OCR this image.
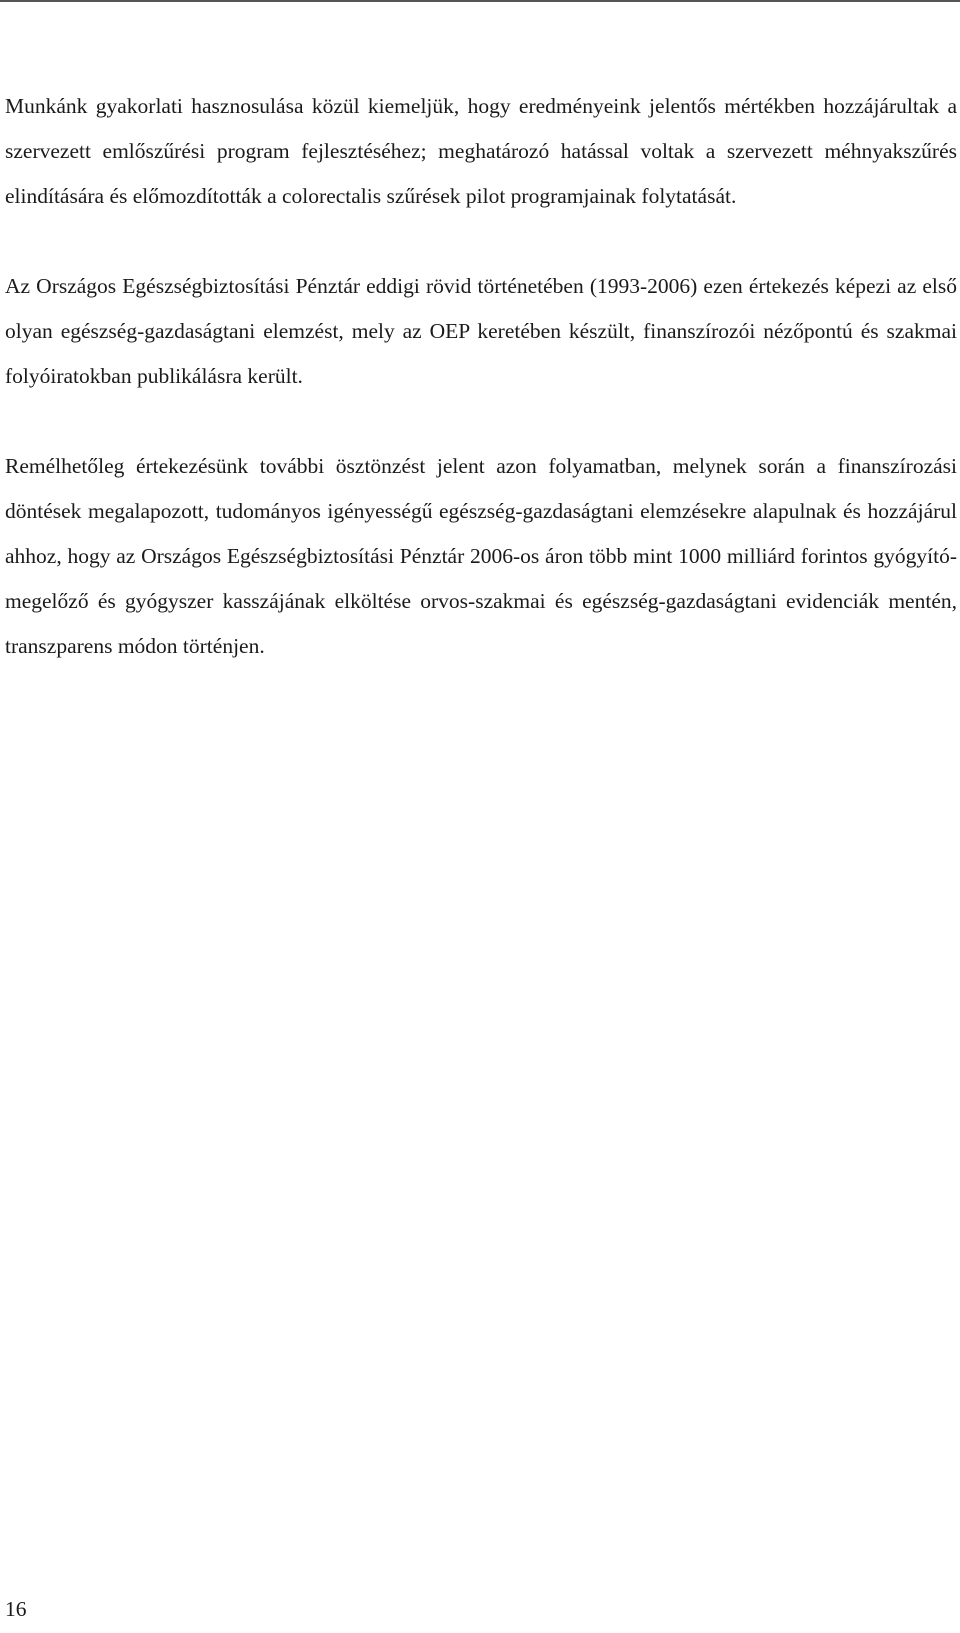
Munkánk gyakorlati hasznosulása közül kiemeljük, hogy eredményeink jelentős mértékben hozzájárultak a szervezett emlőszűrési program fejlesztéséhez; meghatározó hatással voltak a szervezett méhnyakszűrés elindítására és előmozdították a colorectalis szűrések pilot programjainak folytatását.

Az Országos Egészségbiztosítási Pénztár eddigi rövid történetében (1993-2006) ezen értekezés képezi az első olyan egészség-gazdaságtani elemzést, mely az OEP keretében készült, finanszírozói nézőpontú és szakmai folyóiratokban publikálásra került.

Remélhetőleg értekezésünk további ösztönzést jelent azon folyamatban, melynek során a finanszírozási döntések megalapozott, tudományos igényességű egészség-gazdaságtani elemzésekre alapulnak és hozzájárul ahhoz, hogy az Országos Egészségbiztosítási Pénztár 2006-os áron több mint 1000 milliárd forintos gyógyító-megelőző és gyógyszer kasszájának elköltése orvos-szakmai és egészség-gazdaságtani evidenciák mentén, transzparens módon történjen.

16
